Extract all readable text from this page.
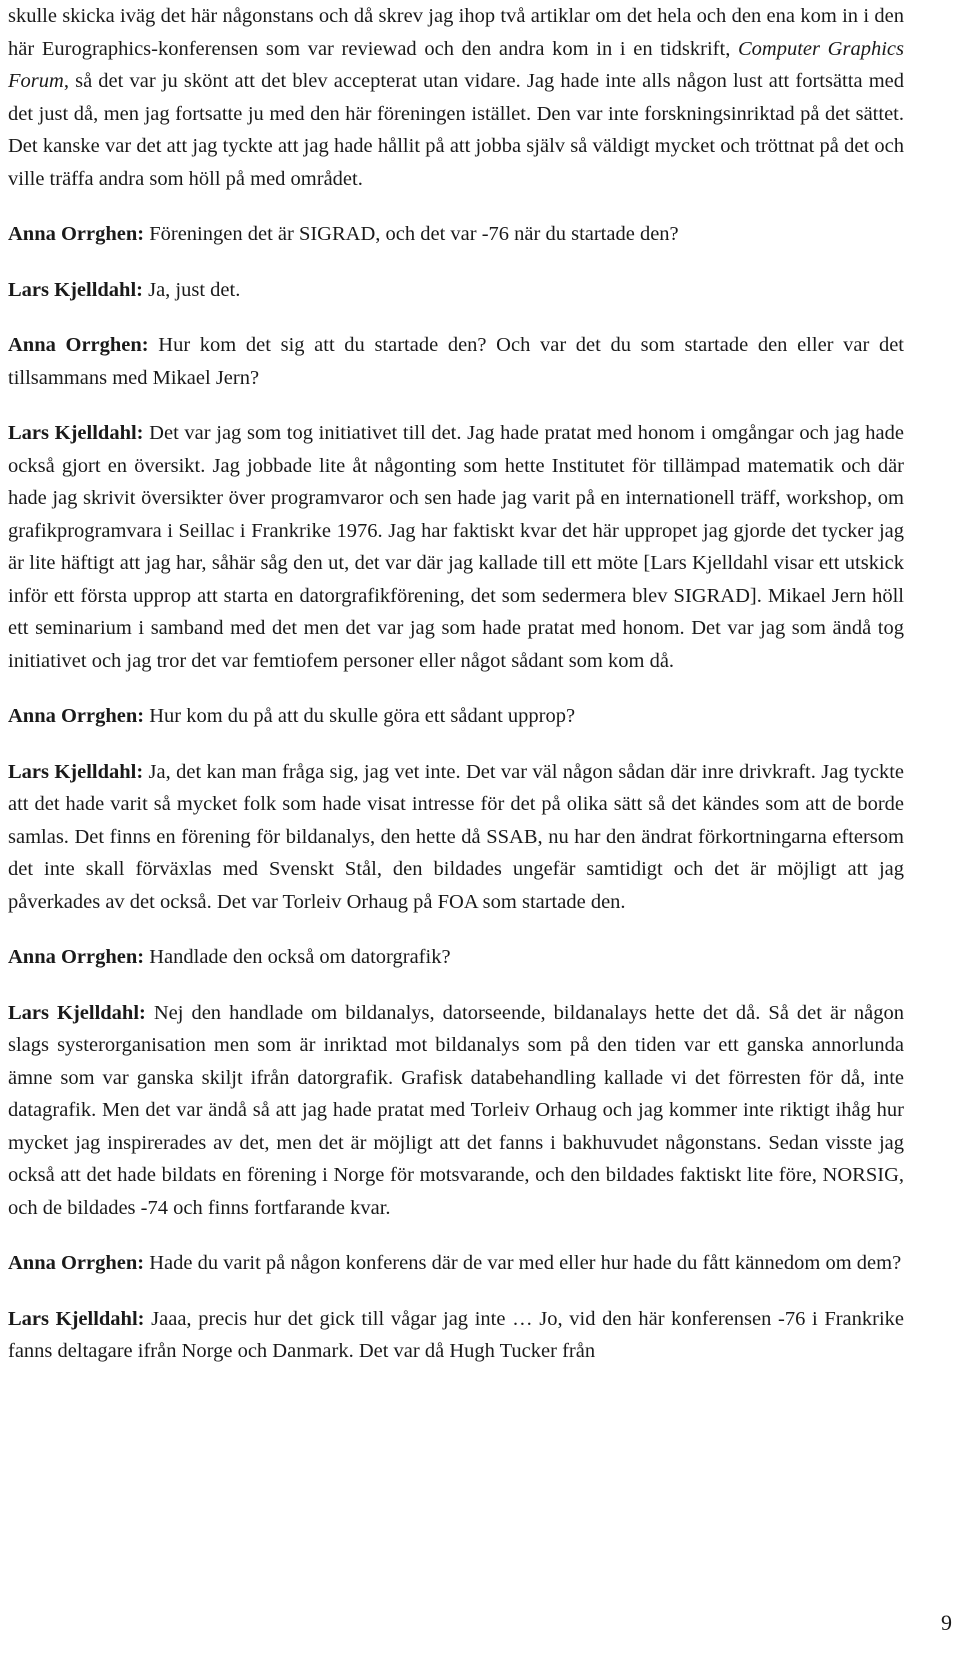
skulle skicka iväg det här någonstans och då skrev jag ihop två artiklar om det hela och den ena kom in i den här Eurographics-konferensen som var reviewad och den andra kom in i en tidskrift, Computer Graphics Forum, så det var ju skönt att det blev accepterat utan vidare. Jag hade inte alls någon lust att fortsätta med det just då, men jag fortsatte ju med den här föreningen istället. Den var inte forskningsinriktad på det sättet. Det kanske var det att jag tyckte att jag hade hållit på att jobba själv så väldigt mycket och tröttnat på det och ville träffa andra som höll på med området.

Anna Orrghen: Föreningen det är SIGRAD, och det var -76 när du startade den?

Lars Kjelldahl: Ja, just det.

Anna Orrghen: Hur kom det sig att du startade den? Och var det du som startade den eller var det tillsammans med Mikael Jern?

Lars Kjelldahl: Det var jag som tog initiativet till det. Jag hade pratat med honom i omgångar och jag hade också gjort en översikt. Jag jobbade lite åt någonting som hette Institutet för tillämpad matematik och där hade jag skrivit översikter över programvaror och sen hade jag varit på en internationell träff, workshop, om grafikprogramvara i Seillac i Frankrike 1976. Jag har faktiskt kvar det här uppropet jag gjorde det tycker jag är lite häftigt att jag har, såhär såg den ut, det var där jag kallade till ett möte [Lars Kjelldahl visar ett utskick inför ett första upprop att starta en datorgrafikförening, det som sedermera blev SIGRAD]. Mikael Jern höll ett seminarium i samband med det men det var jag som hade pratat med honom. Det var jag som ändå tog initiativet och jag tror det var femtiofem personer eller något sådant som kom då.

Anna Orrghen: Hur kom du på att du skulle göra ett sådant upprop?

Lars Kjelldahl: Ja, det kan man fråga sig, jag vet inte. Det var väl någon sådan där inre drivkraft. Jag tyckte att det hade varit så mycket folk som hade visat intresse för det på olika sätt så det kändes som att de borde samlas. Det finns en förening för bildanalys, den hette då SSAB, nu har den ändrat förkortningarna eftersom det inte skall förväxlas med Svenskt Stål, den bildades ungefär samtidigt och det är möjligt att jag påverkades av det också. Det var Torleiv Orhaug på FOA som startade den.

Anna Orrghen: Handlade den också om datorgrafik?

Lars Kjelldahl: Nej den handlade om bildanalys, datorseende, bildanalays hette det då. Så det är någon slags systerorganisation men som är inriktad mot bildanalys som på den tiden var ett ganska annorlunda ämne som var ganska skiljt ifrån datorgrafik. Grafisk databehandling kallade vi det förresten för då, inte datagrafik. Men det var ändå så att jag hade pratat med Torleiv Orhaug och jag kommer inte riktigt ihåg hur mycket jag inspirerades av det, men det är möjligt att det fanns i bakhuvudet någonstans. Sedan visste jag också att det hade bildats en förening i Norge för motsvarande, och den bildades faktiskt lite före, NORSIG, och de bildades -74 och finns fortfarande kvar.

Anna Orrghen: Hade du varit på någon konferens där de var med eller hur hade du fått kännedom om dem?

Lars Kjelldahl: Jaaa, precis hur det gick till vågar jag inte … Jo, vid den här konferensen -76 i Frankrike fanns deltagare ifrån Norge och Danmark. Det var då Hugh Tucker från

9
